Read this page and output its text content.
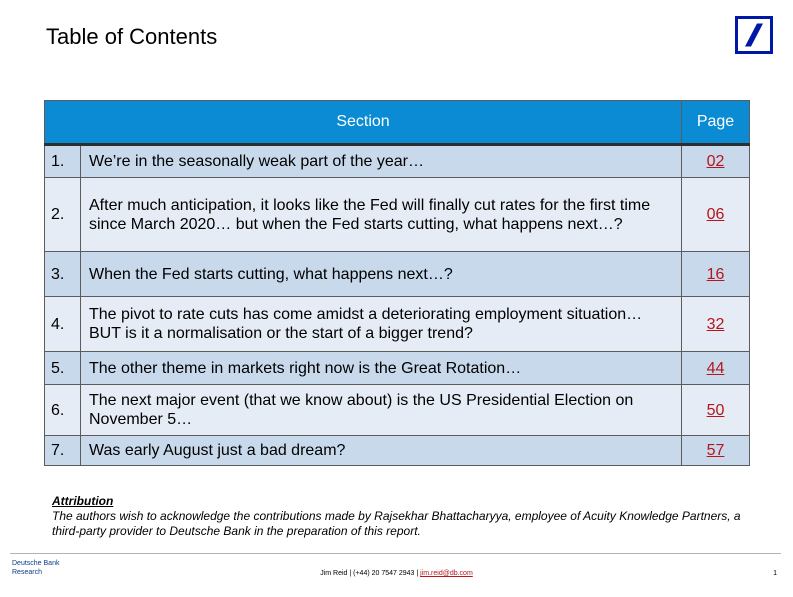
Table of Contents
Section		Page
1.	We’re in the seasonally weak part of the year…	02
2.	After much anticipation, it looks like the Fed will finally cut rates for the first time since March 2020… but when the Fed starts cutting, what happens next…?	06
3.	When the Fed starts cutting, what happens next…?	16
4.	The pivot to rate cuts has come amidst a deteriorating employment situation… BUT is it a normalisation or the start of a bigger trend?	32
5.	The other theme in markets right now is the Great Rotation…	44
6.	The next major event (that we know about) is the US Presidential Election on November 5…	50
7.	Was early August just a bad dream?	57
Attribution
The authors wish to acknowledge the contributions made by Rajsekhar Bhattacharyya, employee of Acuity Knowledge Partners, a third-party provider to Deutsche Bank in the preparation of this report.
Deutsche Bank
Research	Jim Reid | (+44) 20 7547 2943 | jim.reid@db.com	1
